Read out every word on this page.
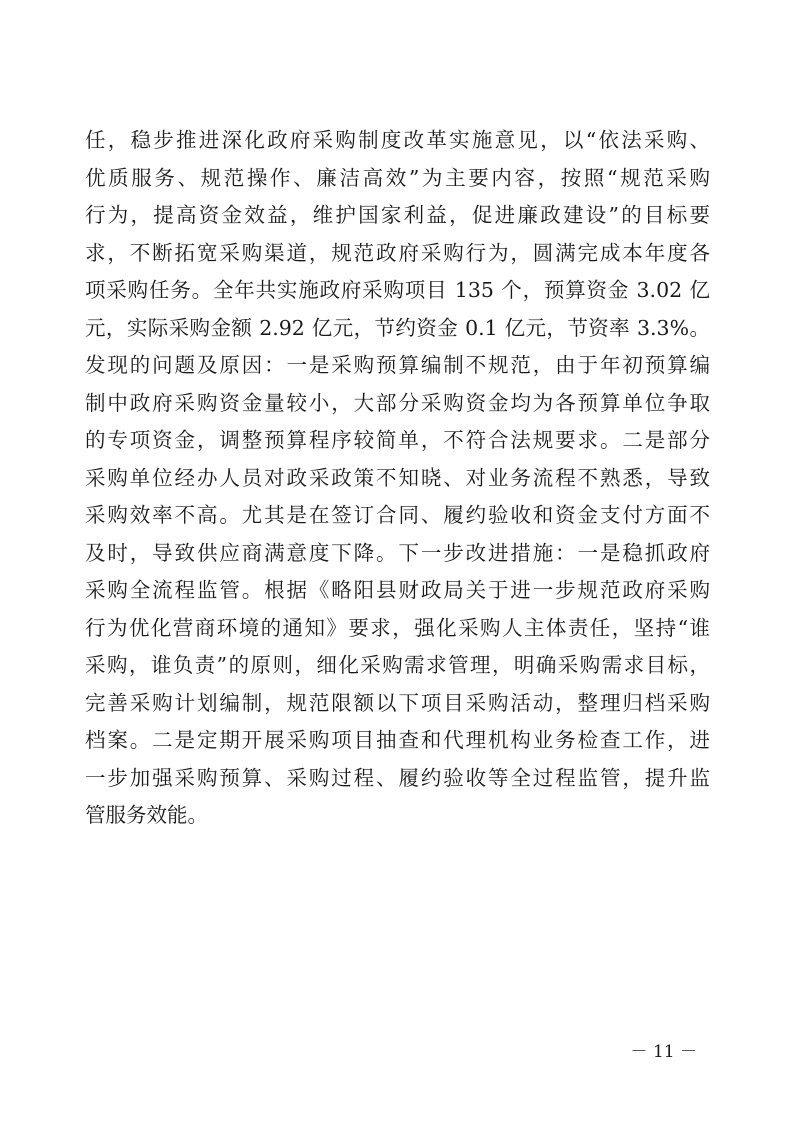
任，稳步推进深化政府采购制度改革实施意见，以“依法采购、
优质服务、规范操作、廉洁高效”为主要内容，按照“规范采购
行为，提高资金效益，维护国家利益，促进廉政建设”的目标要
求，不断拓宽采购渠道，规范政府采购行为，圆满完成本年度各
项采购任务。全年共实施政府采购项目 135 个，预算资金 3.02 亿
元，实际采购金额 2.92 亿元，节约资金 0.1 亿元，节资率 3.3%。
发现的问题及原因：一是采购预算编制不规范，由于年初预算编
制中政府采购资金量较小，大部分采购资金均为各预算单位争取
的专项资金，调整预算程序较简单，不符合法规要求。二是部分
采购单位经办人员对政采政策不知晓、对业务流程不熟悉，导致
采购效率不高。尤其是在签订合同、履约验收和资金支付方面不
及时，导致供应商满意度下降。下一步改进措施：一是稳抓政府
采购全流程监管。根据《略阳县财政局关于进一步规范政府采购
行为优化营商环境的通知》要求，强化采购人主体责任，坚持“谁
采购，谁负责”的原则，细化采购需求管理，明确采购需求目标，
完善采购计划编制，规范限额以下项目采购活动，整理归档采购
档案。二是定期开展采购项目抽查和代理机构业务检查工作，进
一步加强采购预算、采购过程、履约验收等全过程监管，提升监
管服务效能。
－ 11 －
